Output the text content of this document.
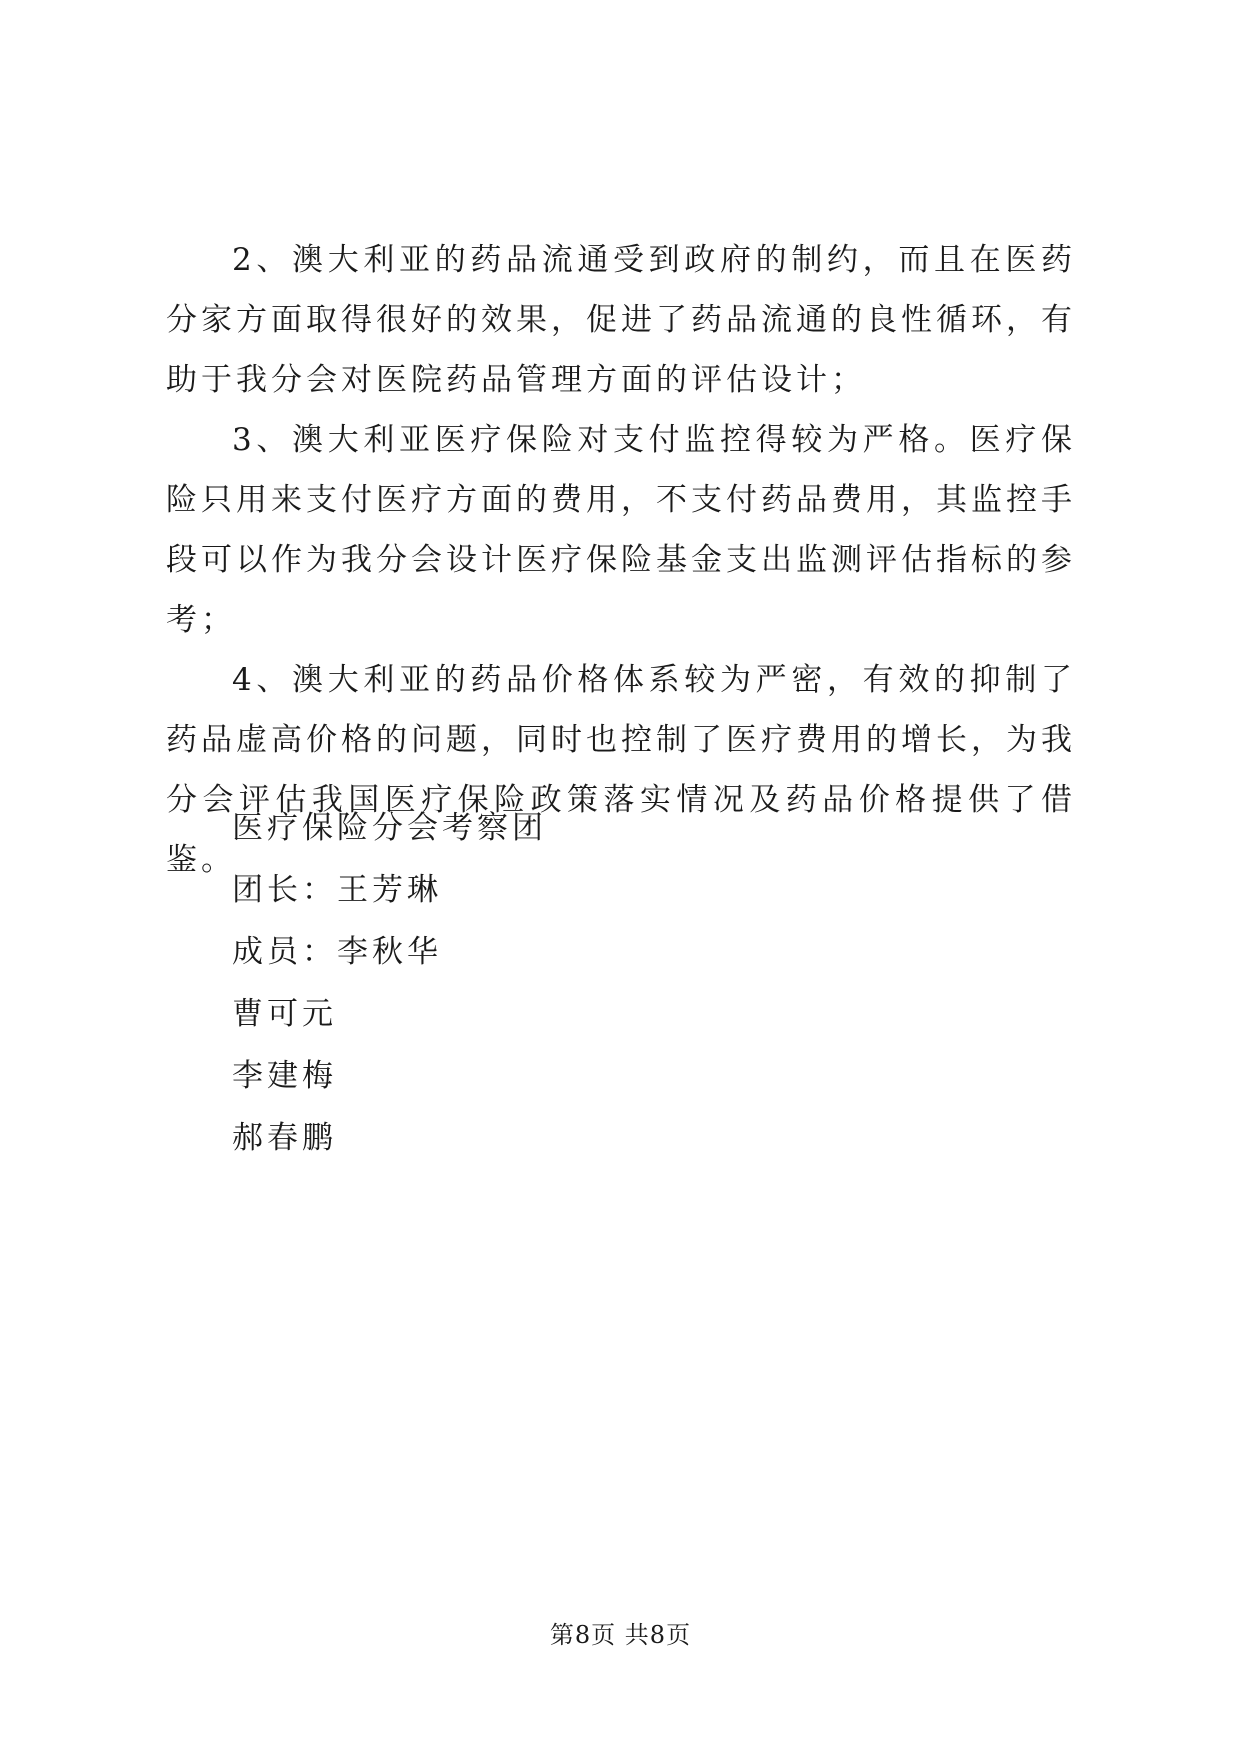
2、澳大利亚的药品流通受到政府的制约，而且在医药分家方面取得很好的效果，促进了药品流通的良性循环，有助于我分会对医院药品管理方面的评估设计；

3、澳大利亚医疗保险对支付监控得较为严格。医疗保险只用来支付医疗方面的费用，不支付药品费用，其监控手段可以作为我分会设计医疗保险基金支出监测评估指标的参考；

4、澳大利亚的药品价格体系较为严密，有效的抑制了药品虚高价格的问题，同时也控制了医疗费用的增长，为我分会评估我国医疗保险政策落实情况及药品价格提供了借鉴。

医疗保险分会考察团
团长：王芳琳
成员：李秋华
曹可元
李建梅
郝春鹏
第8页 共8页
